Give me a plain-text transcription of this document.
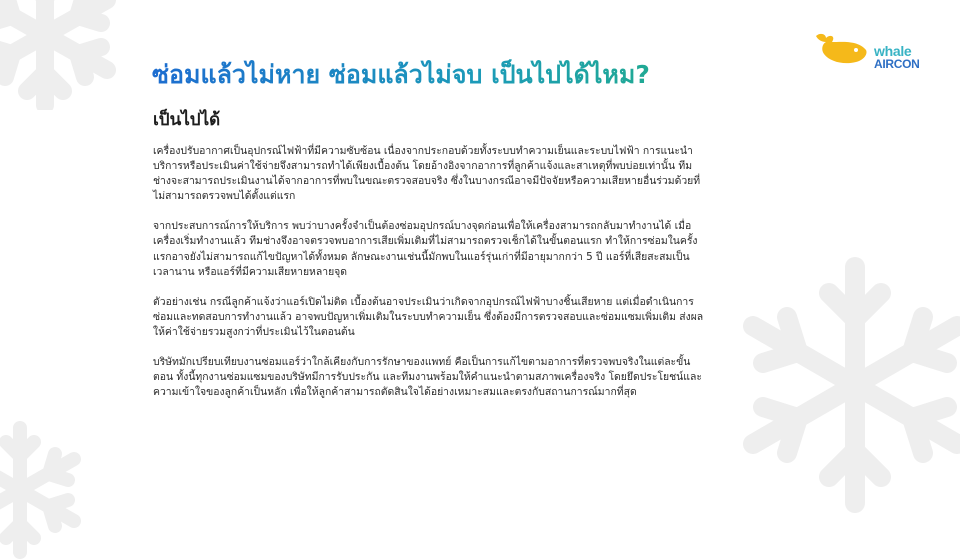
whale
AIRCON
ซ่อมแล้วไม่หาย ซ่อมแล้วไม่จบ เป็นไปได้ไหม?
เป็นไปได้

เครื่องปรับอากาศเป็นอุปกรณ์ไฟฟ้าที่มีความซับซ้อน เนื่องจากประกอบด้วยทั้งระบบทำความเย็นและระบบไฟฟ้า การแนะนำบริการหรือประเมินค่าใช้จ่ายจึงสามารถทำได้เพียงเบื้องต้น โดยอ้างอิงจากอาการที่ลูกค้าแจ้งและสาเหตุที่พบบ่อยเท่านั้น ทีมช่างจะสามารถประเมินงานได้จากอาการที่พบในขณะตรวจสอบจริง ซึ่งในบางกรณีอาจมีปัจจัยหรือความเสียหายอื่นร่วมด้วยที่ไม่สามารถตรวจพบได้ตั้งแต่แรก

จากประสบการณ์การให้บริการ พบว่าบางครั้งจำเป็นต้องซ่อมอุปกรณ์บางจุดก่อนเพื่อให้เครื่องสามารถกลับมาทำงานได้ เมื่อเครื่องเริ่มทำงานแล้ว ทีมช่างจึงอาจตรวจพบอาการเสียเพิ่มเติมที่ไม่สามารถตรวจเช็กได้ในขั้นตอนแรก ทำให้การซ่อมในครั้งแรกอาจยังไม่สามารถแก้ไขปัญหาได้ทั้งหมด ลักษณะงานเช่นนี้มักพบในแอร์รุ่นเก่าที่มีอายุมากกว่า 5 ปี แอร์ที่เสียสะสมเป็นเวลานาน หรือแอร์ที่มีความเสียหายหลายจุด

ตัวอย่างเช่น กรณีลูกค้าแจ้งว่าแอร์เปิดไม่ติด เบื้องต้นอาจประเมินว่าเกิดจากอุปกรณ์ไฟฟ้าบางชิ้นเสียหาย แต่เมื่อดำเนินการซ่อมและทดสอบการทำงานแล้ว อาจพบปัญหาเพิ่มเติมในระบบทำความเย็น ซึ่งต้องมีการตรวจสอบและซ่อมแซมเพิ่มเติม ส่งผลให้ค่าใช้จ่ายรวมสูงกว่าที่ประเมินไว้ในตอนต้น

บริษัทมักเปรียบเทียบงานซ่อมแอร์ว่าใกล้เคียงกับการรักษาของแพทย์ คือเป็นการแก้ไขตามอาการที่ตรวจพบจริงในแต่ละขั้นตอน ทั้งนี้ทุกงานซ่อมแซมของบริษัทมีการรับประกัน และทีมงานพร้อมให้คำแนะนำตามสภาพเครื่องจริง โดยยึดประโยชน์และความเข้าใจของลูกค้าเป็นหลัก เพื่อให้ลูกค้าสามารถตัดสินใจได้อย่างเหมาะสมและตรงกับสถานการณ์มากที่สุด
